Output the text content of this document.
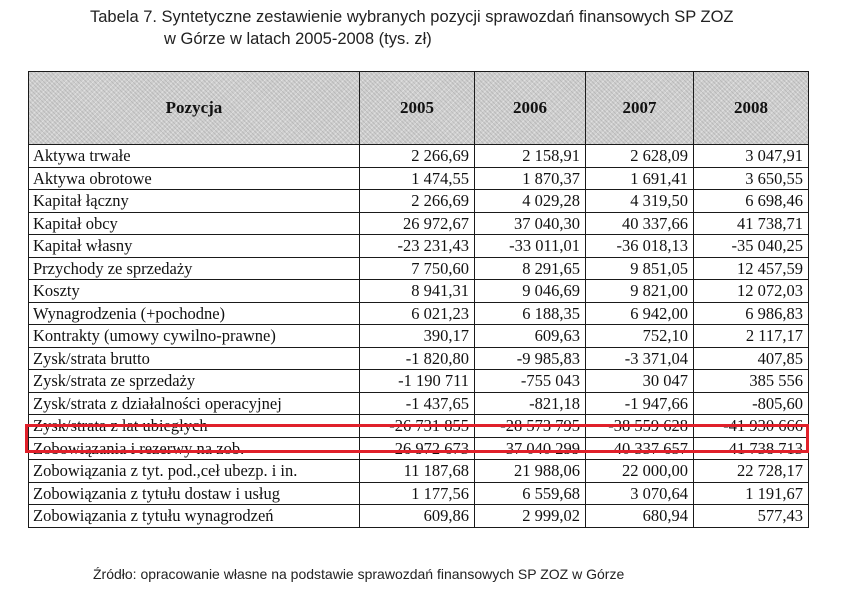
Tabela 7. Syntetyczne zestawienie wybranych pozycji sprawozdań finansowych SP ZOZ
w Górze w latach 2005-2008 (tys. zł)
Pozycja	2005	2006	2007	2008
Aktywa trwałe	2 266,69	2 158,91	2 628,09	3 047,91
Aktywa obrotowe	1 474,55	1 870,37	1 691,41	3 650,55
Kapitał łączny	2 266,69	4 029,28	4 319,50	6 698,46
Kapitał obcy	26 972,67	37 040,30	40 337,66	41 738,71
Kapitał własny	-23 231,43	-33 011,01	-36 018,13	-35 040,25
Przychody ze sprzedaży	7 750,60	8 291,65	9 851,05	12 457,59
Koszty	8 941,31	9 046,69	9 821,00	12 072,03
Wynagrodzenia (+pochodne)	6 021,23	6 188,35	6 942,00	6 986,83
Kontrakty (umowy cywilno-prawne)	390,17	609,63	752,10	2 117,17
Zysk/strata brutto	-1 820,80	-9 985,83	-3 371,04	407,85
Zysk/strata ze sprzedaży	-1 190 711	-755 043	30 047	385 556
Zysk/strata z działalności operacyjnej	-1 437,65	-821,18	-1 947,66	-805,60
Zysk/strata z lat ubiegłych	-26 731 855	-28 573 795	-38 559 628	-41 930 666
Zobowiązania i rezerwy na zob.	26 972 673	37 040 299	40 337 657	41 738 713
Zobowiązania z tyt. pod.,ceł ubezp. i in.	11 187,68	21 988,06	22 000,00	22 728,17
Zobowiązania z tytułu dostaw i usług	1 177,56	6 559,68	3 070,64	1 191,67
Zobowiązania z tytułu wynagrodzeń	609,86	2 999,02	680,94	577,43
Źródło: opracowanie własne na podstawie sprawozdań finansowych SP ZOZ w Górze
